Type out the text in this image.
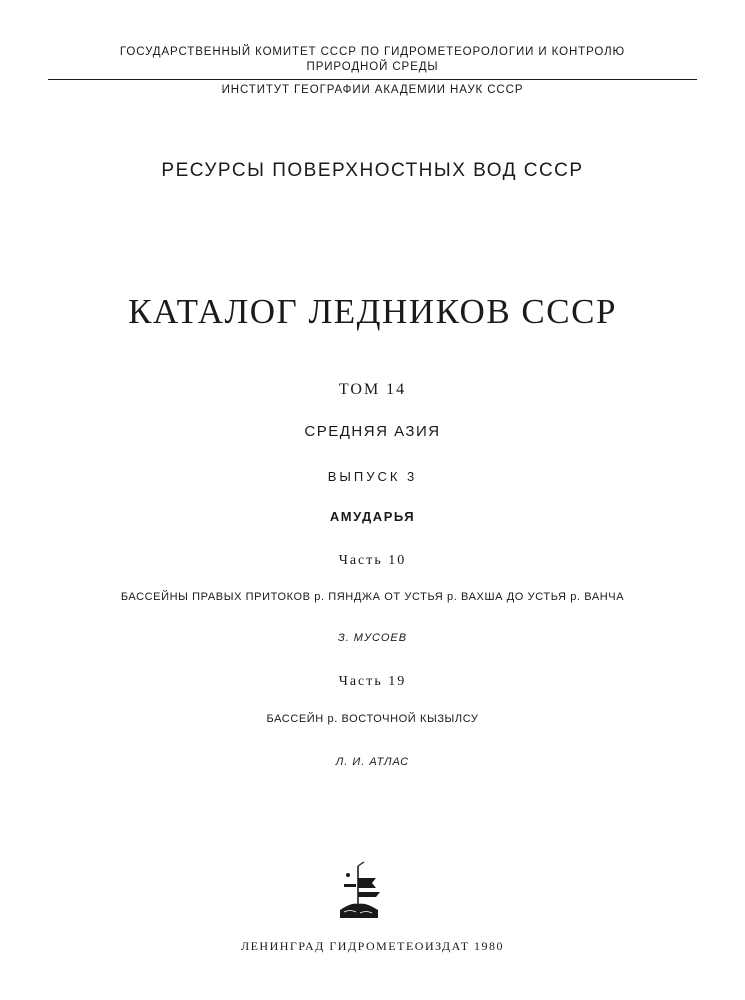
ГОСУДАРСТВЕННЫЙ КОМИТЕТ СССР ПО ГИДРОМЕТЕОРОЛОГИИ И КОНТРОЛЮ
ПРИРОДНОЙ СРЕДЫ
ИНСТИТУТ ГЕОГРАФИИ АКАДЕМИИ НАУК СССР
РЕСУРСЫ ПОВЕРХНОСТНЫХ ВОД СССР
КАТАЛОГ ЛЕДНИКОВ СССР
ТОМ 14
СРЕДНЯЯ АЗИЯ
ВЫПУСК 3
АМУДАРЬЯ
Часть 10
БАССЕЙНЫ ПРАВЫХ ПРИТОКОВ р. ПЯНДЖА ОТ УСТЬЯ р. ВАХША ДО УСТЬЯ р. ВАНЧА
З. МУСОЕВ
Часть 19
БАССЕЙН р. ВОСТОЧНОЙ КЫЗЫЛСУ
Л. И. АТЛАС
ЛЕНИНГРАД ГИДРОМЕТЕОИЗДАТ 1980
